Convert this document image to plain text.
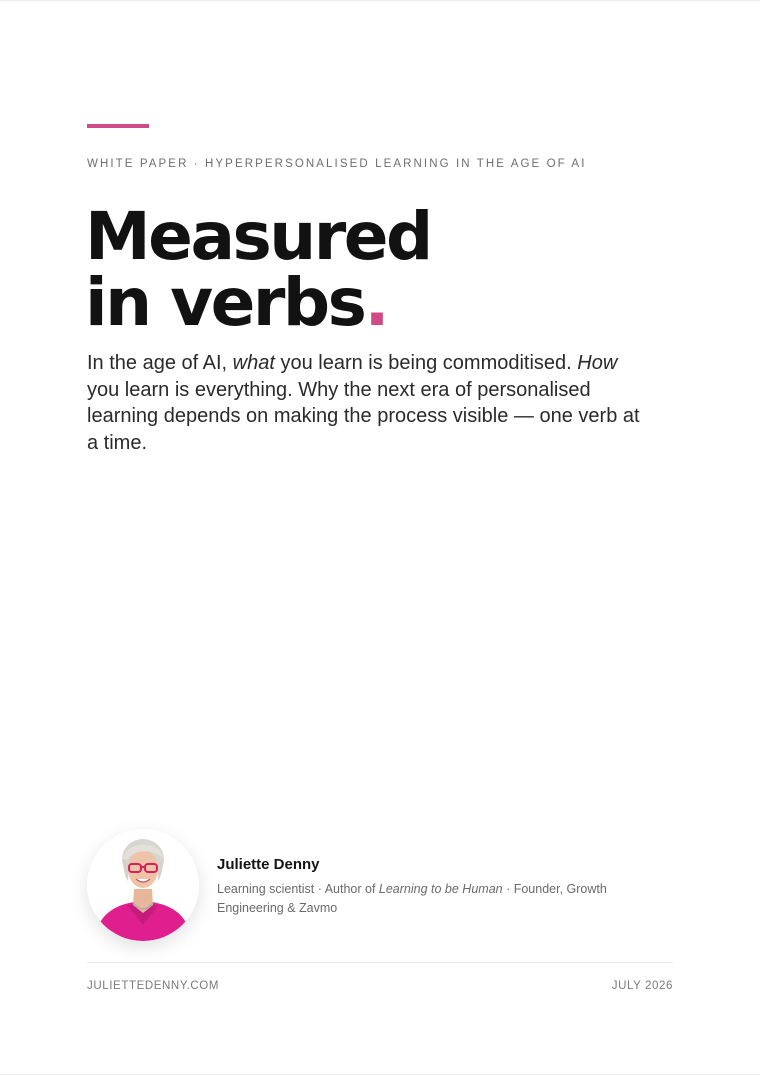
WHITE PAPER · HYPERPERSONALISED LEARNING IN THE AGE OF AI
Measured
in verbs.

In the age of AI, what you learn is being commoditised. How you learn is everything. Why the next era of personalised learning depends on making the process visible — one verb at a time.

Juliette Denny
Learning scientist · Author of Learning to be Human · Founder, Growth Engineering & Zavmo
JULIETTEDENNY.COM	JULY 2026
